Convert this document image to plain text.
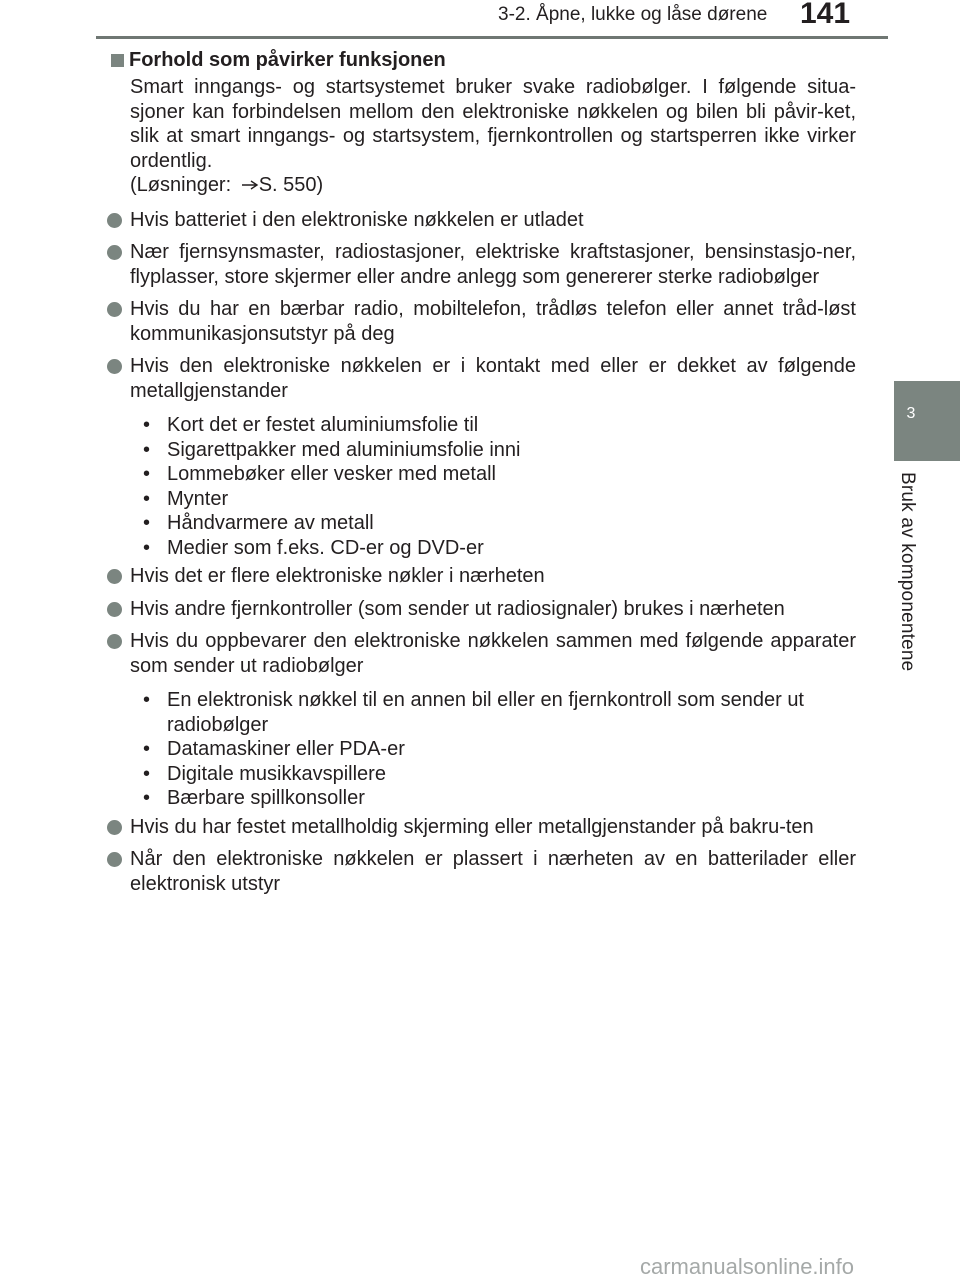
3-2. Åpne, lukke og låse dørene 141
3
Bruk av komponentene
Forhold som påvirker funksjonen
Smart inngangs- og startsystemet bruker svake radiobølger. I følgende situa-sjoner kan forbindelsen mellom den elektroniske nøkkelen og bilen bli påvir-ket, slik at smart inngangs- og startsystem, fjernkontrollen og startsperren ikke virker ordentlig.
(Løsninger: S. 550)
Hvis batteriet i den elektroniske nøkkelen er utladet
Nær fjernsynsmaster, radiostasjoner, elektriske kraftstasjoner, bensinstasjo-ner, flyplasser, store skjermer eller andre anlegg som genererer sterke radiobølger
Hvis du har en bærbar radio, mobiltelefon, trådløs telefon eller annet tråd-løst kommunikasjonsutstyr på deg
Hvis den elektroniske nøkkelen er i kontakt med eller er dekket av følgende metallgjenstander
• Kort det er festet aluminiumsfolie til
• Sigarettpakker med aluminiumsfolie inni
• Lommebøker eller vesker med metall
• Mynter
• Håndvarmere av metall
• Medier som f.eks. CD-er og DVD-er
Hvis det er flere elektroniske nøkler i nærheten
Hvis andre fjernkontroller (som sender ut radiosignaler) brukes i nærheten
Hvis du oppbevarer den elektroniske nøkkelen sammen med følgende apparater som sender ut radiobølger
• En elektronisk nøkkel til en annen bil eller en fjernkontroll som sender ut radiobølger
• Datamaskiner eller PDA-er
• Digitale musikkavspillere
• Bærbare spillkonsoller
Hvis du har festet metallholdig skjerming eller metallgjenstander på bakru-ten
Når den elektroniske nøkkelen er plassert i nærheten av en batterilader eller elektronisk utstyr
carmanualsonline.info
